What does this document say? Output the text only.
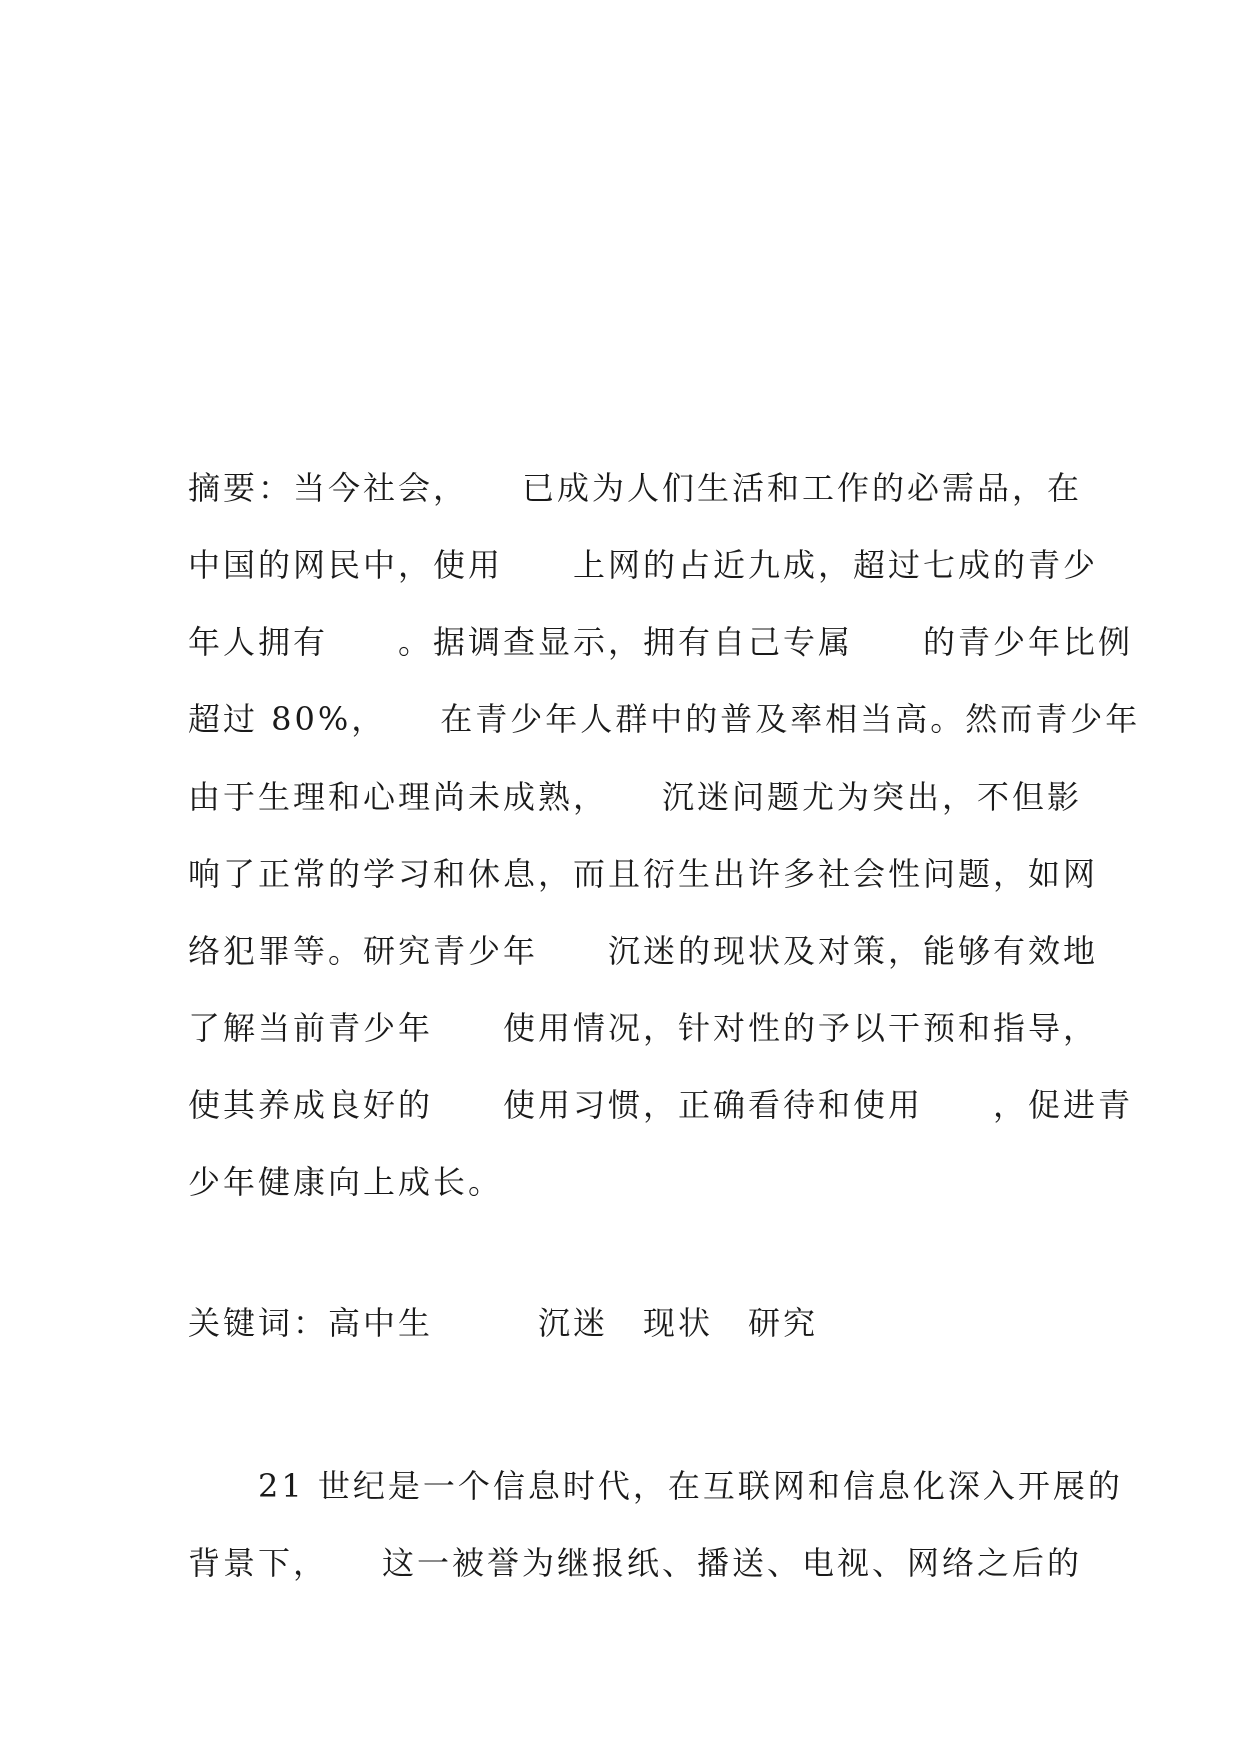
摘要：当今社会，　　已成为人们生活和工作的必需品，在
中国的网民中，使用　　上网的占近九成，超过七成的青少
年人拥有　　。据调查显示，拥有自己专属　　的青少年比例
超过 80%，　　在青少年人群中的普及率相当高。然而青少年
由于生理和心理尚未成熟，　　沉迷问题尤为突出，不但影
响了正常的学习和休息，而且衍生出许多社会性问题，如网
络犯罪等。研究青少年　　沉迷的现状及对策，能够有效地
了解当前青少年　　使用情况，针对性的予以干预和指导，
使其养成良好的　　使用习惯，正确看待和使用　　，促进青
少年健康向上成长。
关键词：高中生　　　沉迷　现状　研究
　　21 世纪是一个信息时代，在互联网和信息化深入开展的
背景下，　　这一被誉为继报纸、播送、电视、网络之后的
